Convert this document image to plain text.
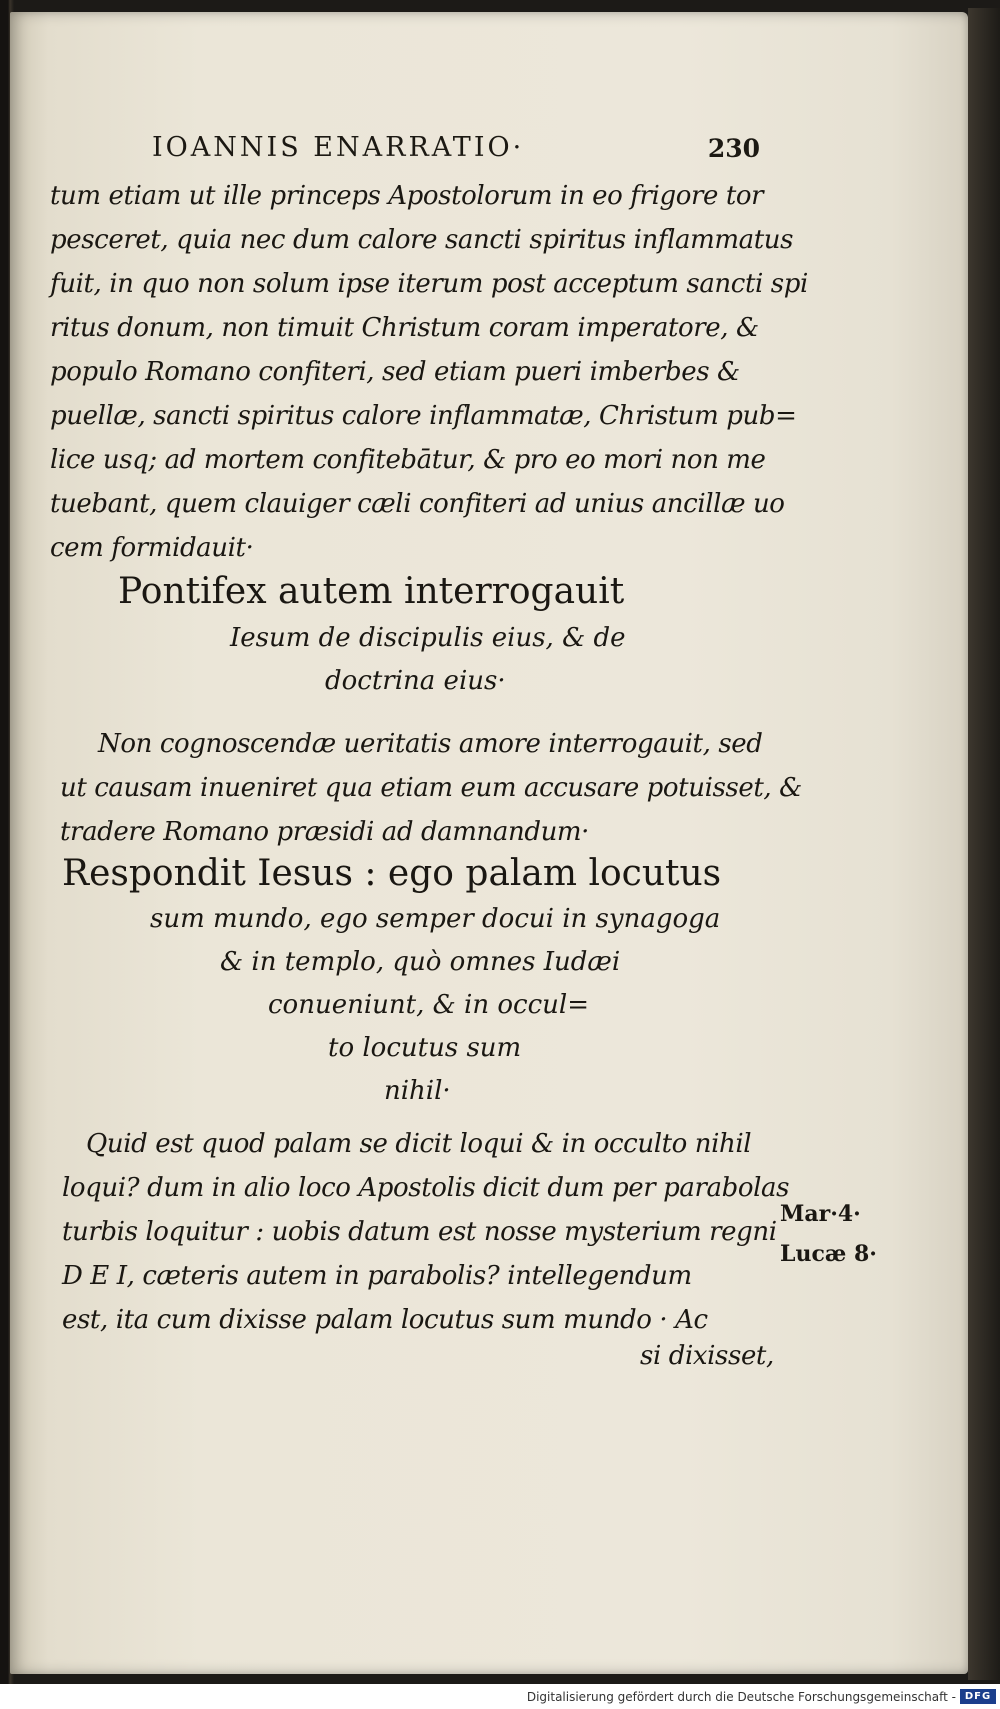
IOANNIS ENARRATIO·	230
tum etiam ut ille princeps Apostolorum in eo frigore tor
pesceret, quia nec dum calore sancti spiritus inflammatus
fuit, in quo non solum ipse iterum post acceptum sancti spi
ritus donum, non timuit Christum coram imperatore, &
populo Romano confiteri, sed etiam pueri imberbes &
puellæ, sancti spiritus calore inflammatæ, Christum pub=
lice usq; ad mortem confitebātur, & pro eo mori non me
tuebant, quem clauiger cæli confiteri ad unius ancillæ uo
cem formidauit·
Pontifex autem interrogauit
Iesum de discipulis eius, & de
doctrina eius·
Non cognoscendæ ueritatis amore interrogauit, sed
ut causam inueniret qua etiam eum accusare potuisset, &
tradere Romano præsidi ad damnandum·
Respondit Iesus : ego palam locutus
sum mundo, ego semper docui in synagoga
& in templo, quò omnes Iudæi
conueniunt, & in occul=
to locutus sum
nihil·
Quid est quod palam se dicit loqui & in occulto nihil
loqui? dum in alio loco Apostolis dicit dum per parabolas
turbis loquitur : uobis datum est nosse mysterium regni
D E I, cæteris autem in parabolis? intellegendum
est, ita cum dixisse palam locutus sum mundo · Ac
si dixisset,
Mar·4·
Lucæ 8·
Digitalisierung gefördert durch die Deutsche Forschungsgemeinschaft - DFG
